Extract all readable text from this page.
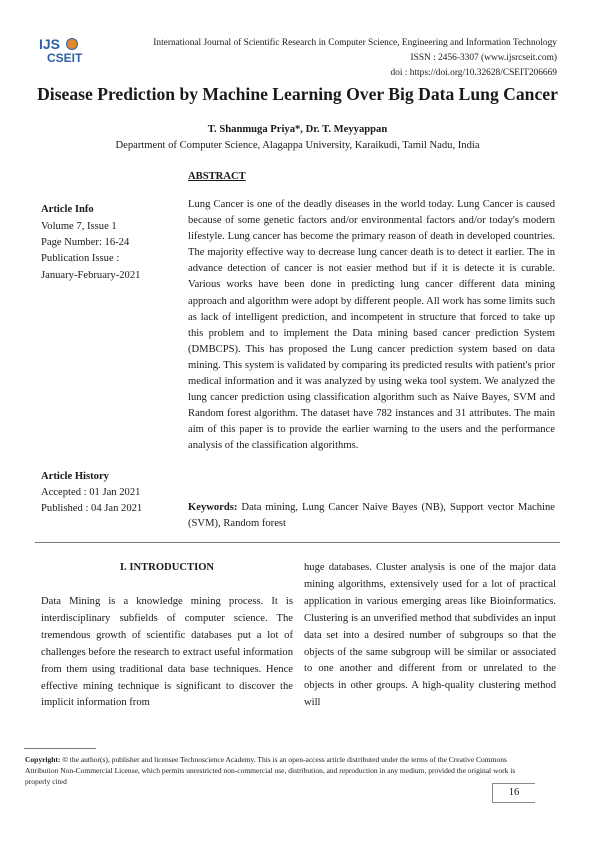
IJS
CSEIT
International Journal of Scientific Research in Computer Science, Engineering and Information Technology
ISSN : 2456-3307 (www.ijsrcseit.com)
doi : https://doi.org/10.32628/CSEIT206669
Disease Prediction by Machine Learning Over Big Data Lung Cancer
T. Shanmuga Priya*, Dr. T. Meyyappan
Department of Computer Science, Alagappa University, Karaikudi, Tamil Nadu, India
ABSTRACT
Article Info
Volume 7, Issue 1
Page Number: 16-24
Publication Issue :
January-February-2021
Article History
Accepted : 01 Jan 2021
Published : 04 Jan 2021
Lung Cancer is one of the deadly diseases in the world today. Lung Cancer is caused because of some genetic factors and/or environmental factors and/or today's modern lifestyle. Lung cancer has become the primary reason of death in developed countries. The majority effective way to decrease lung cancer death is to detect it earlier. The in advance detection of cancer is not easier method but if it is detecte it is curable. Various works have been done in predicting lung cancer different data mining approach and algorithm were adopt by different people. All work has some limits such as lack of intelligent prediction, and incompetent in structure that forced to take up this problem and to implement the Data mining based cancer prediction System (DMBCPS). This has proposed the Lung cancer prediction system based on data mining. This system is validated by comparing its predicted results with patient's prior medical information and it was analyzed by using weka tool system. We analyzed the lung cancer prediction using classification algorithm such as Naive Bayes, SVM and Random forest algorithm. The dataset have 782 instances and 31 attributes. The main aim of this paper is to provide the earlier warning to the users and the performance analysis of the classification algorithms.
Keywords: Data mining, Lung Cancer Naive Bayes (NB), Support vector Machine (SVM), Random forest
I. INTRODUCTION
Data Mining is a knowledge mining process. It is interdisciplinary subfields of computer science. The tremendous growth of scientific databases put a lot of challenges before the research to extract useful information from them using traditional data base techniques. Hence effective mining technique is significant to discover the implicit information from
huge databases. Cluster analysis is one of the major data mining algorithms, extensively used for a lot of practical application in various emerging areas like Bioinformatics. Clustering is an unverified method that subdivides an input data set into a desired number of subgroups so that the objects of the same subgroup will be similar or associated to one another and different from or unrelated to the objects in other groups. A high-quality clustering method will
Copyright: © the author(s), publisher and licensee Technoscience Academy. This is an open-access article distributed under the terms of the Creative Commons Attribution Non-Commercial License, which permits unrestricted non-commercial use, distribution, and reproduction in any medium, provided the original work is properly cited
16
